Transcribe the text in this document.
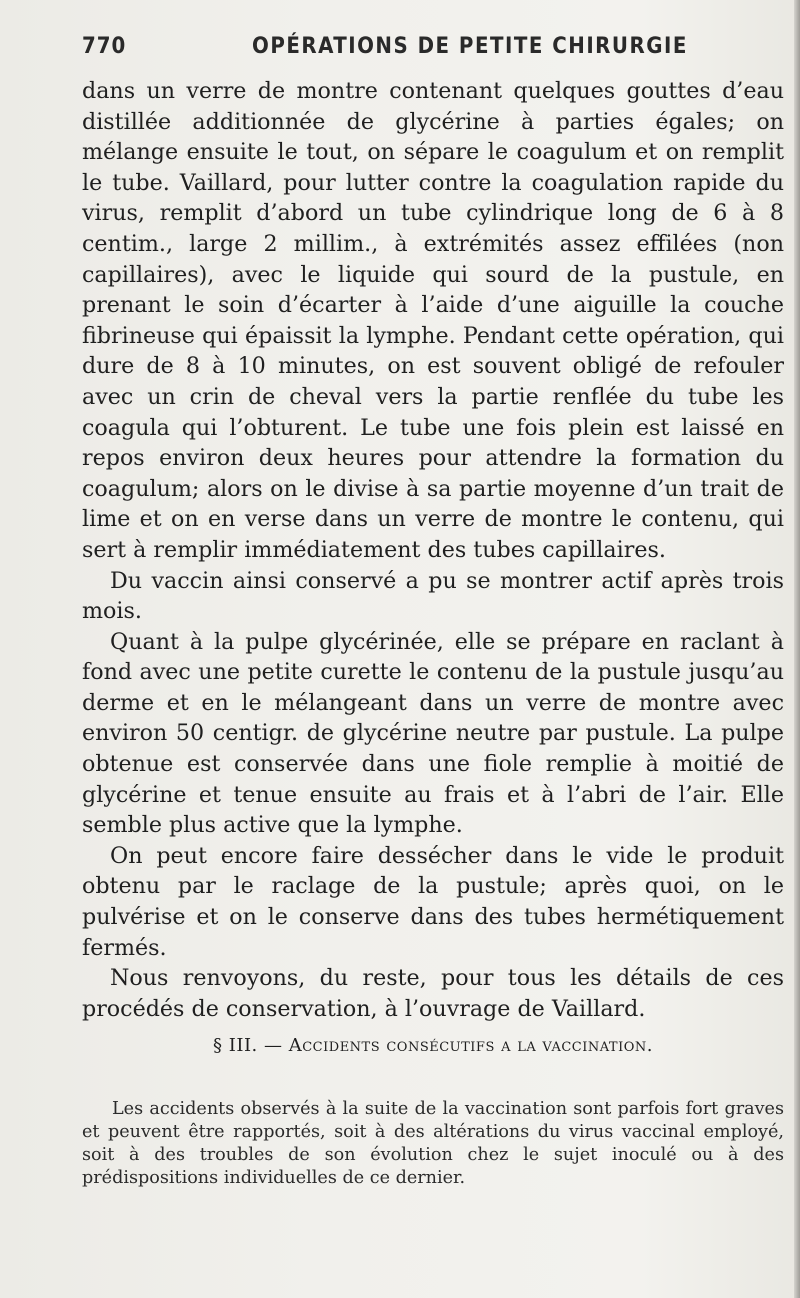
770	OPÉRATIONS DE PETITE CHIRURGIE

dans un verre de montre contenant quelques gouttes d’eau distillée additionnée de glycérine à parties égales; on mélange ensuite le tout, on sépare le coagulum et on remplit le tube. Vaillard, pour lutter contre la coagulation rapide du virus, remplit d’abord un tube cylindrique long de 6 à 8 centim., large 2 millim., à extrémités assez effilées (non capillaires), avec le liquide qui sourd de la pustule, en prenant le soin d’écarter à l’aide d’une aiguille la couche fibrineuse qui épaissit la lymphe. Pendant cette opération, qui dure de 8 à 10 minutes, on est souvent obligé de refouler avec un crin de cheval vers la partie renflée du tube les coagula qui l’obturent. Le tube une fois plein est laissé en repos environ deux heures pour attendre la formation du coagulum; alors on le divise à sa partie moyenne d’un trait de lime et on en verse dans un verre de montre le contenu, qui sert à remplir immédiatement des tubes capillaires.

Du vaccin ainsi conservé a pu se montrer actif après trois mois.

Quant à la pulpe glycérinée, elle se prépare en raclant à fond avec une petite curette le contenu de la pustule jusqu’au derme et en le mélangeant dans un verre de montre avec environ 50 centigr. de glycérine neutre par pustule. La pulpe obtenue est conservée dans une fiole remplie à moitié de glycérine et tenue ensuite au frais et à l’abri de l’air. Elle semble plus active que la lymphe.

On peut encore faire dessécher dans le vide le produit obtenu par le raclage de la pustule; après quoi, on le pulvérise et on le conserve dans des tubes hermétiquement fermés.

Nous renvoyons, du reste, pour tous les détails de ces procédés de conservation, à l’ouvrage de Vaillard.

§ III. — Accidents consécutifs a la vaccination.

Les accidents observés à la suite de la vaccination sont parfois fort graves et peuvent être rapportés, soit à des altérations du virus vaccinal employé, soit à des troubles de son évolution chez le sujet inoculé ou à des prédispositions individuelles de ce dernier.
